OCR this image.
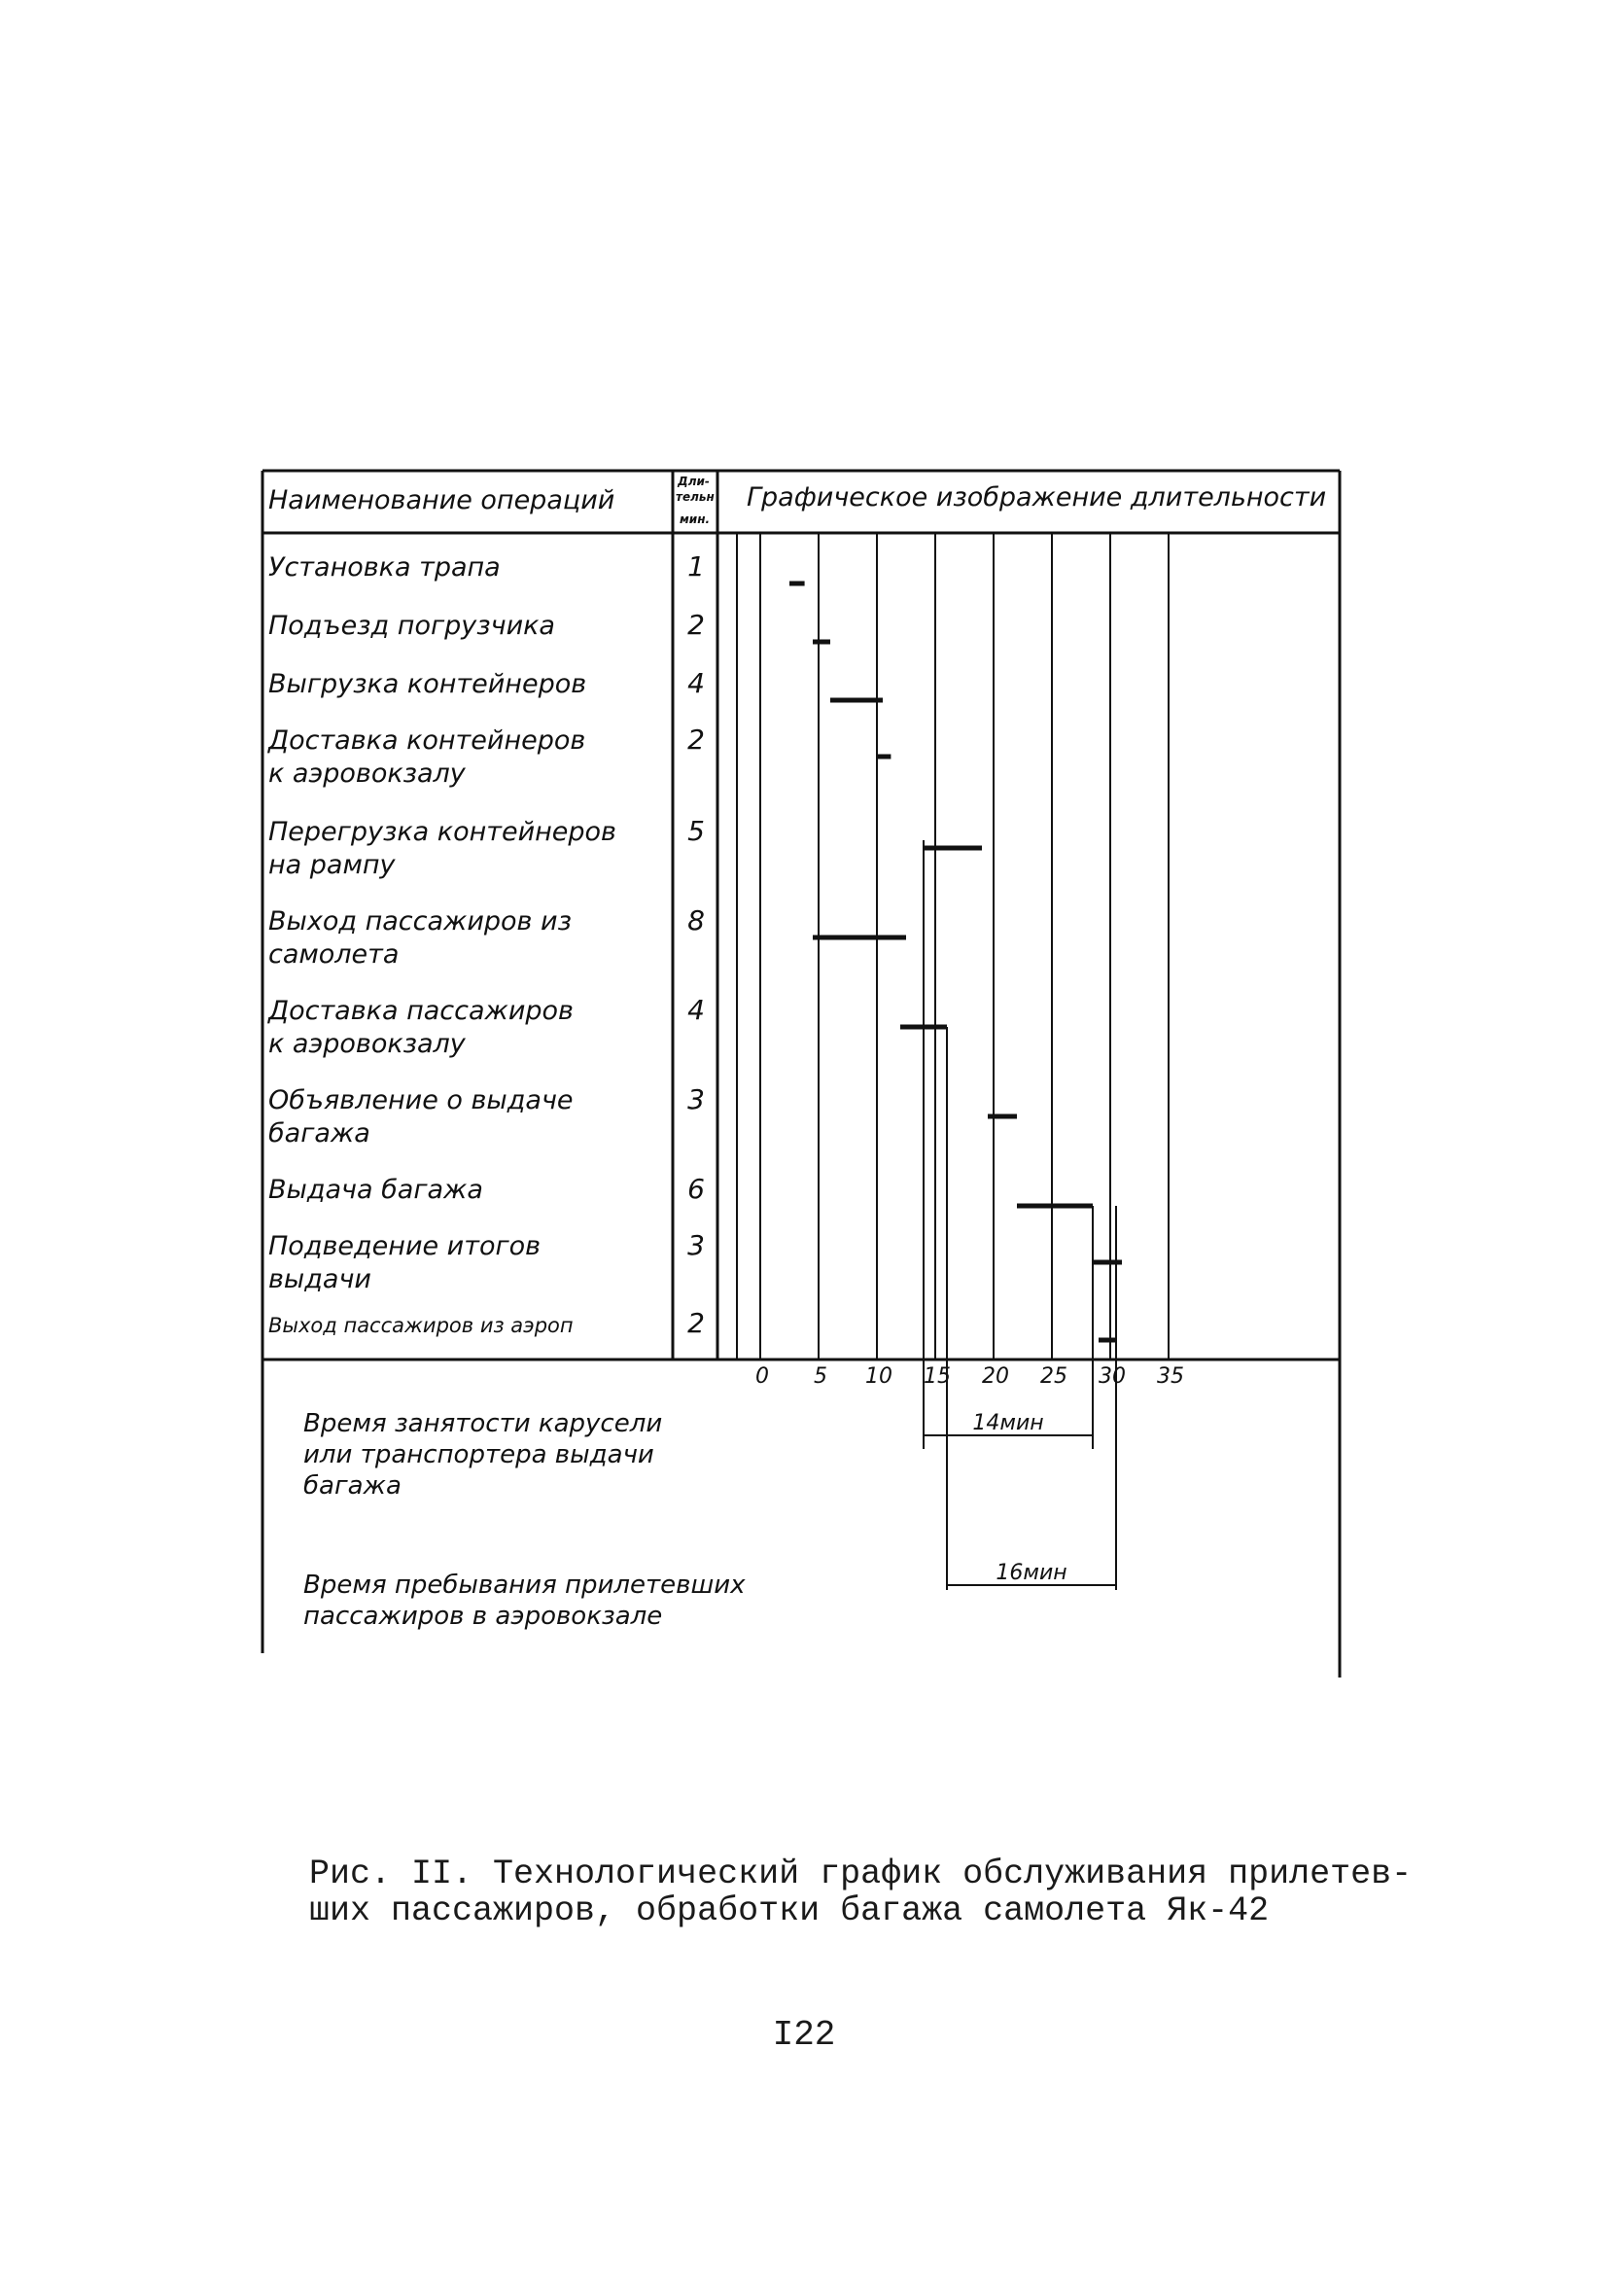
Наименование операций
Дли-
тельн
мин.
Графическое изображение длительности
Установка трапа
Подъезд погрузчика
Выгрузка контейнеров
Доставка контейнеров
к аэровокзалу
Перегрузка контейнеров
на рампу
Выход пассажиров из
самолета
Доставка пассажиров
к аэровокзалу
Объявление о выдаче
багажа
Выдача багажа
Подведение итогов
выдачи
Выход пассажиров из аэроп
1
2
4
2
5
8
4
3
6
3
2
0 5 10 15 20 25 30 35
Время занятости карусели
или транспортера выдачи
багажа
14мин
Время пребывания прилетевших
пассажиров в аэровокзале
16мин
Рис. II. Технологический график обслуживания прилетев-
ших пассажиров, обработки багажа самолета Як-42
I22
